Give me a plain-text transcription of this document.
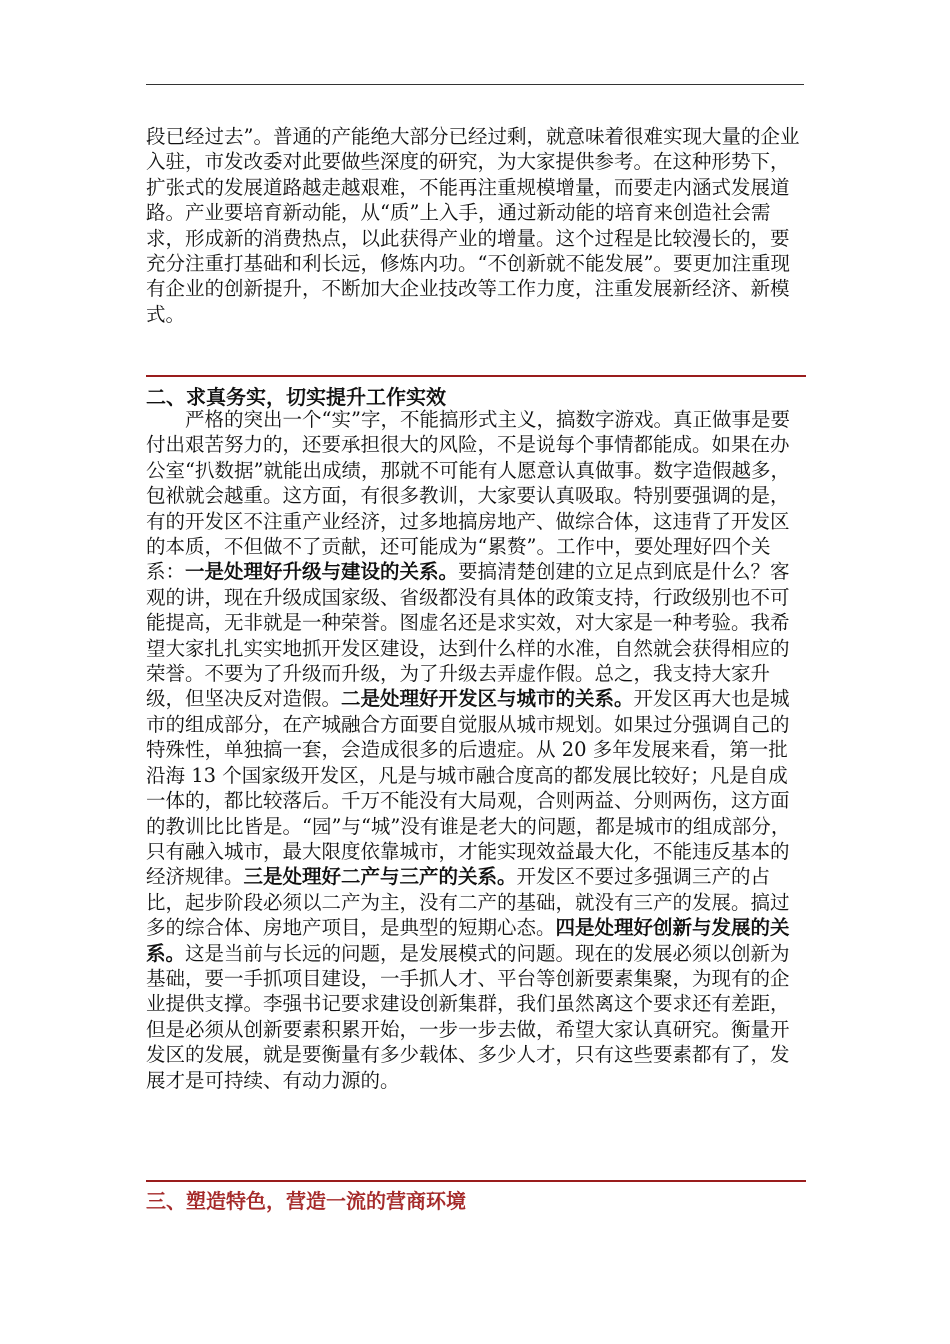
段已经过去”。普通的产能绝大部分已经过剩，就意味着很难实现大量的企业入驻，市发改委对此要做些深度的研究，为大家提供参考。在这种形势下，扩张式的发展道路越走越艰难，不能再注重规模增量，而要走内涵式发展道路。产业要培育新动能，从“质”上入手，通过新动能的培育来创造社会需求，形成新的消费热点，以此获得产业的增量。这个过程是比较漫长的，要充分注重打基础和利长远，修炼内功。“不创新就不能发展”。要更加注重现有企业的创新提升，不断加大企业技改等工作力度，注重发展新经济、新模式。

二、求真务实，切实提升工作实效

严格的突出一个“实”字，不能搞形式主义，搞数字游戏。真正做事是要付出艰苦努力的，还要承担很大的风险，不是说每个事情都能成。如果在办公室“扒数据”就能出成绩，那就不可能有人愿意认真做事。数字造假越多，包袱就会越重。这方面，有很多教训，大家要认真吸取。特别要强调的是，有的开发区不注重产业经济，过多地搞房地产、做综合体，这违背了开发区的本质，不但做不了贡献，还可能成为“累赘”。工作中，要处理好四个关系：一是处理好升级与建设的关系。要搞清楚创建的立足点到底是什么？客观的讲，现在升级成国家级、省级都没有具体的政策支持，行政级别也不可能提高，无非就是一种荣誉。图虚名还是求实效，对大家是一种考验。我希望大家扎扎实实地抓开发区建设，达到什么样的水准，自然就会获得相应的荣誉。不要为了升级而升级，为了升级去弄虚作假。总之，我支持大家升级，但坚决反对造假。二是处理好开发区与城市的关系。开发区再大也是城市的组成部分，在产城融合方面要自觉服从城市规划。如果过分强调自己的特殊性，单独搞一套，会造成很多的后遗症。从 20 多年发展来看，第一批沿海 13 个国家级开发区，凡是与城市融合度高的都发展比较好；凡是自成一体的，都比较落后。千万不能没有大局观，合则两益、分则两伤，这方面的教训比比皆是。“园”与“城”没有谁是老大的问题，都是城市的组成部分，只有融入城市，最大限度依靠城市，才能实现效益最大化，不能违反基本的经济规律。三是处理好二产与三产的关系。开发区不要过多强调三产的占比，起步阶段必须以二产为主，没有二产的基础，就没有三产的发展。搞过多的综合体、房地产项目，是典型的短期心态。四是处理好创新与发展的关系。这是当前与长远的问题，是发展模式的问题。现在的发展必须以创新为基础，要一手抓项目建设，一手抓人才、平台等创新要素集聚，为现有的企业提供支撑。李强书记要求建设创新集群，我们虽然离这个要求还有差距，但是必须从创新要素积累开始，一步一步去做，希望大家认真研究。衡量开发区的发展，就是要衡量有多少载体、多少人才，只有这些要素都有了，发展才是可持续、有动力源的。

三、塑造特色，营造一流的营商环境
